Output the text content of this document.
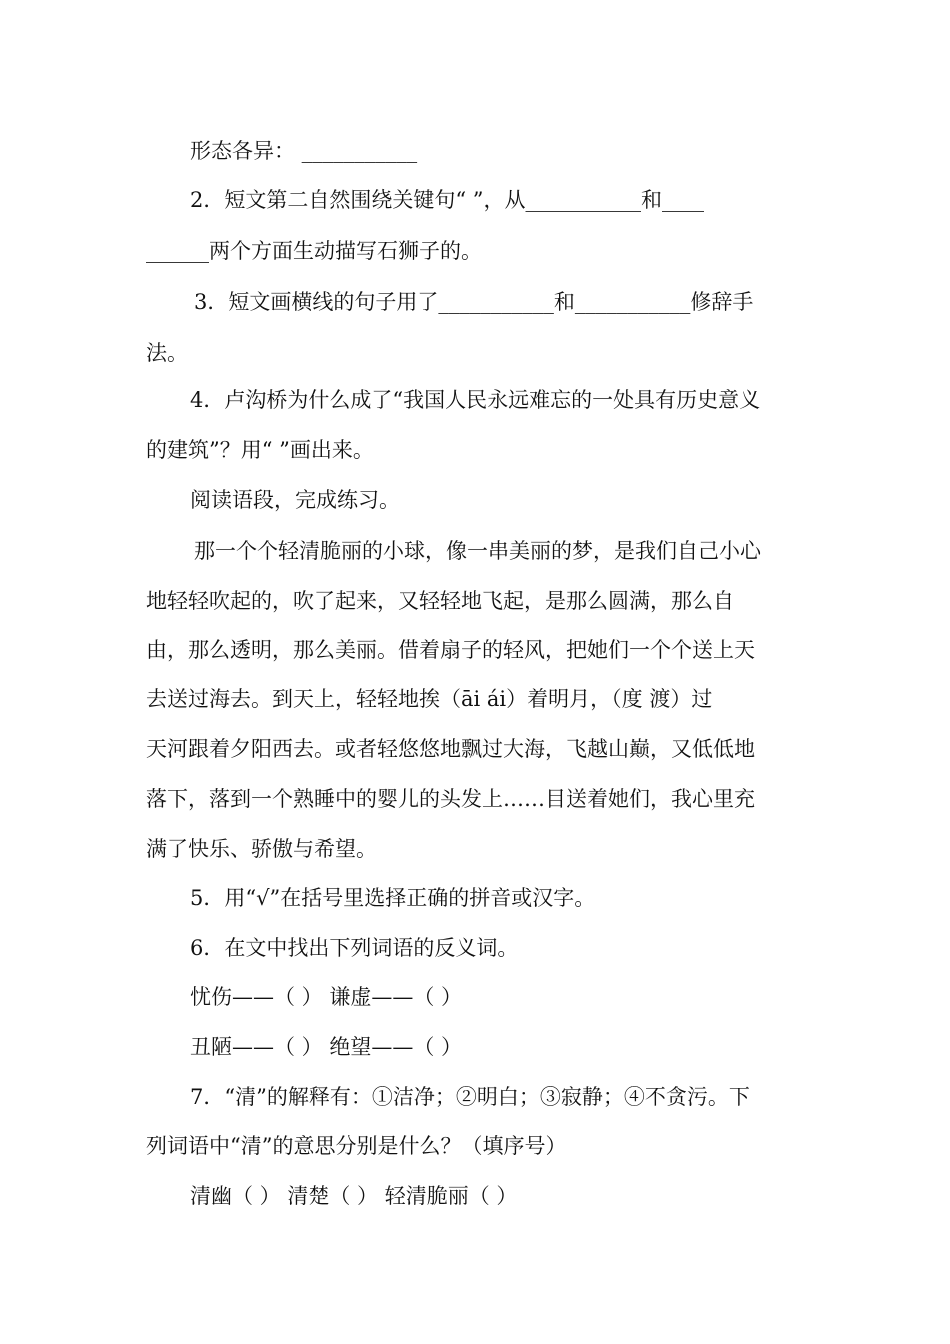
形态各异： ___________
2．短文第二自然围绕关键句“ ”，从___________和____
______两个方面生动描写石狮子的。
3．短文画横线的句子用了___________和___________修辞手
法。
4．卢沟桥为什么成了“我国人民永远难忘的一处具有历史意义
的建筑”？用“ ”画出来。
阅读语段，完成练习。
那一个个轻清脆丽的小球，像一串美丽的梦，是我们自己小心
地轻轻吹起的，吹了起来，又轻轻地飞起，是那么圆满，那么自
由，那么透明，那么美丽。借着扇子的轻风，把她们一个个送上天
去送过海去。到天上，轻轻地挨（āi ái）着明月，（度 渡）过
天河跟着夕阳西去。或者轻悠悠地飘过大海，飞越山巅，又低低地
落下，落到一个熟睡中的婴儿的头发上……目送着她们，我心里充
满了快乐、骄傲与希望。
5．用“√”在括号里选择正确的拼音或汉字。
6．在文中找出下列词语的反义词。
忧伤——（ ） 谦虚——（ ）
丑陋——（ ） 绝望——（ ）
7．“清”的解释有：①洁净；②明白；③寂静；④不贪污。下
列词语中“清”的意思分别是什么？（填序号）
清幽（ ） 清楚（ ） 轻清脆丽（ ）
